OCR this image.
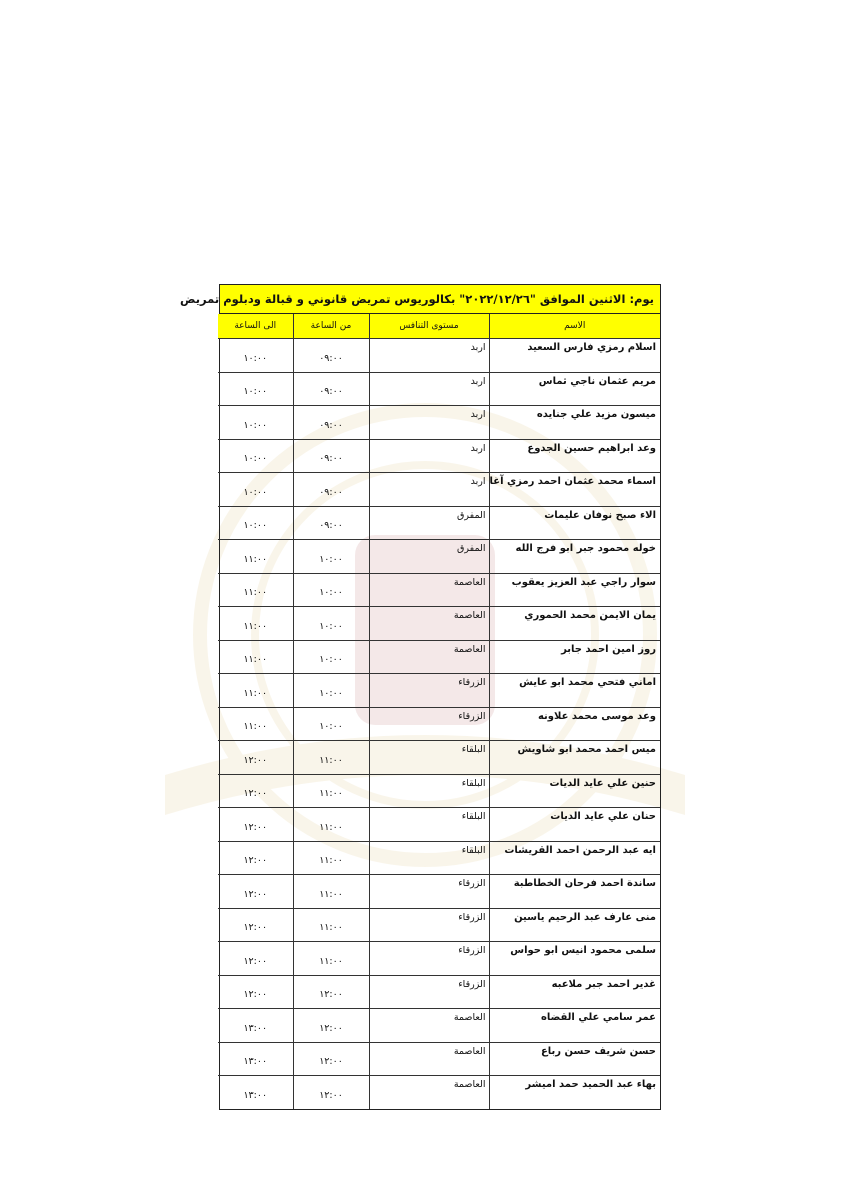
يوم: الاثنين الموافق "٢٠٢٢/١٢/٢٦" بكالوريوس تمريض قانوني و قبالة ودبلوم تمريض
الاسم	مستوى التنافس	من الساعة	الى الساعة
اسلام رمزي فارس السعيد	اربد	٠٩:٠٠	١٠:٠٠
مريم عثمان ناجي ثماس	اربد	٠٩:٠٠	١٠:٠٠
ميسون مزيد علي جنايده	اربد	٠٩:٠٠	١٠:٠٠
وعد ابراهيم حسين الجدوع	اربد	٠٩:٠٠	١٠:٠٠
اسماء محمد عثمان احمد رمزي آغا	اربد	٠٩:٠٠	١٠:٠٠
الاء صبح نوفان عليمات	المفرق	٠٩:٠٠	١٠:٠٠
خوله محمود جبر ابو فرج الله	المفرق	١٠:٠٠	١١:٠٠
سوار راجي عبد العزيز يعقوب	العاصمة	١٠:٠٠	١١:٠٠
يمان الايمن محمد الحموري	العاصمة	١٠:٠٠	١١:٠٠
روز امين احمد جابر	العاصمة	١٠:٠٠	١١:٠٠
اماني فتحي محمد ابو عايش	الزرقاء	١٠:٠٠	١١:٠٠
وعد موسى محمد علاونه	الزرقاء	١٠:٠٠	١١:٠٠
ميس احمد محمد ابو شاويش	البلقاء	١١:٠٠	١٢:٠٠
حنين علي عايد الديات	البلقاء	١١:٠٠	١٢:٠٠
حنان علي عايد الديات	البلقاء	١١:٠٠	١٢:٠٠
ايه عبد الرحمن احمد القريشات	البلقاء	١١:٠٠	١٢:٠٠
ساندة احمد فرحان الخطاطبة	الزرقاء	١١:٠٠	١٢:٠٠
منى عارف عبد الرحيم ياسين	الزرقاء	١١:٠٠	١٢:٠٠
سلمى محمود انيس ابو حواس	الزرقاء	١١:٠٠	١٢:٠٠
غدير احمد جبر ملاعبه	الزرقاء	١٢:٠٠	١٢:٠٠
عمر سامي علي القضاه	العاصمة	١٢:٠٠	١٣:٠٠
حسن شريف حسن رباع	العاصمة	١٢:٠٠	١٣:٠٠
بهاء عبد الحميد حمد اميشر	العاصمة	١٢:٠٠	١٣:٠٠
